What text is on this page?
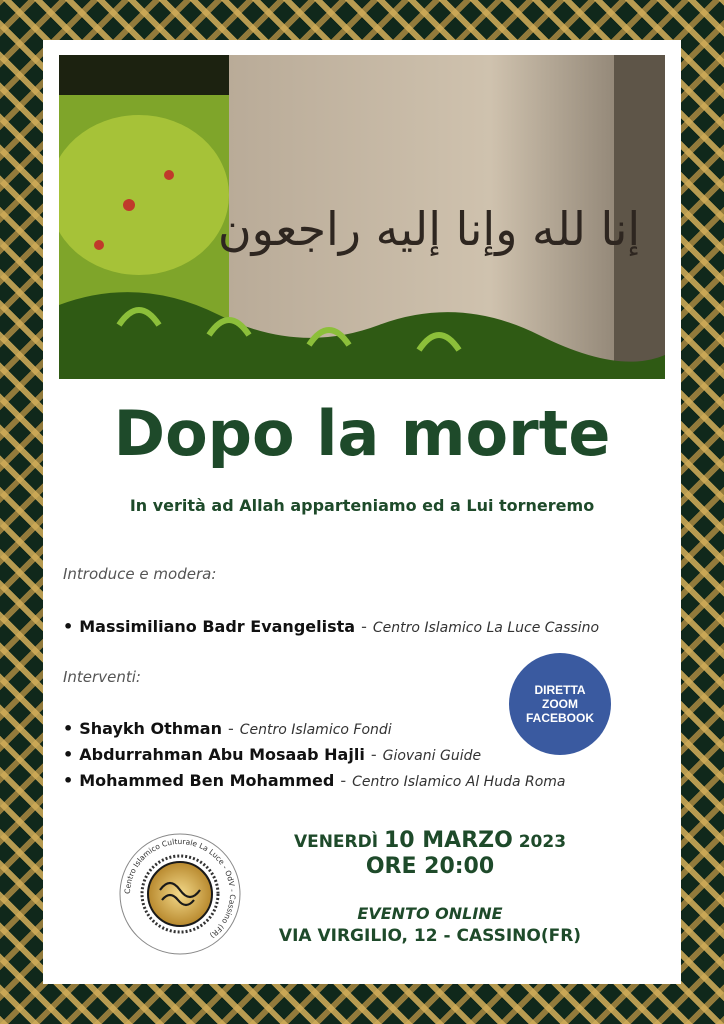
إنا لله وإنا إليه راجعون
Dopo la morte
In verità ad Allah apparteniamo ed a Lui torneremo
Introduce e modera:
• Massimiliano Badr Evangelista - Centro Islamico La Luce Cassino
Interventi:
• Shaykh Othman - Centro Islamico Fondi
• Abdurrahman Abu Mosaab Hajli - Giovani Guide
• Mohammed Ben Mohammed - Centro Islamico Al Huda Roma
DIRETTA
ZOOM
FACEBOOK
Centro Islamico Culturale La Luce - OdV - Cassino (FR)
VENERDÌ 10 MARZO 2023
ORE 20:00
EVENTO ONLINE
VIA VIRGILIO, 12 - CASSINO(FR)
